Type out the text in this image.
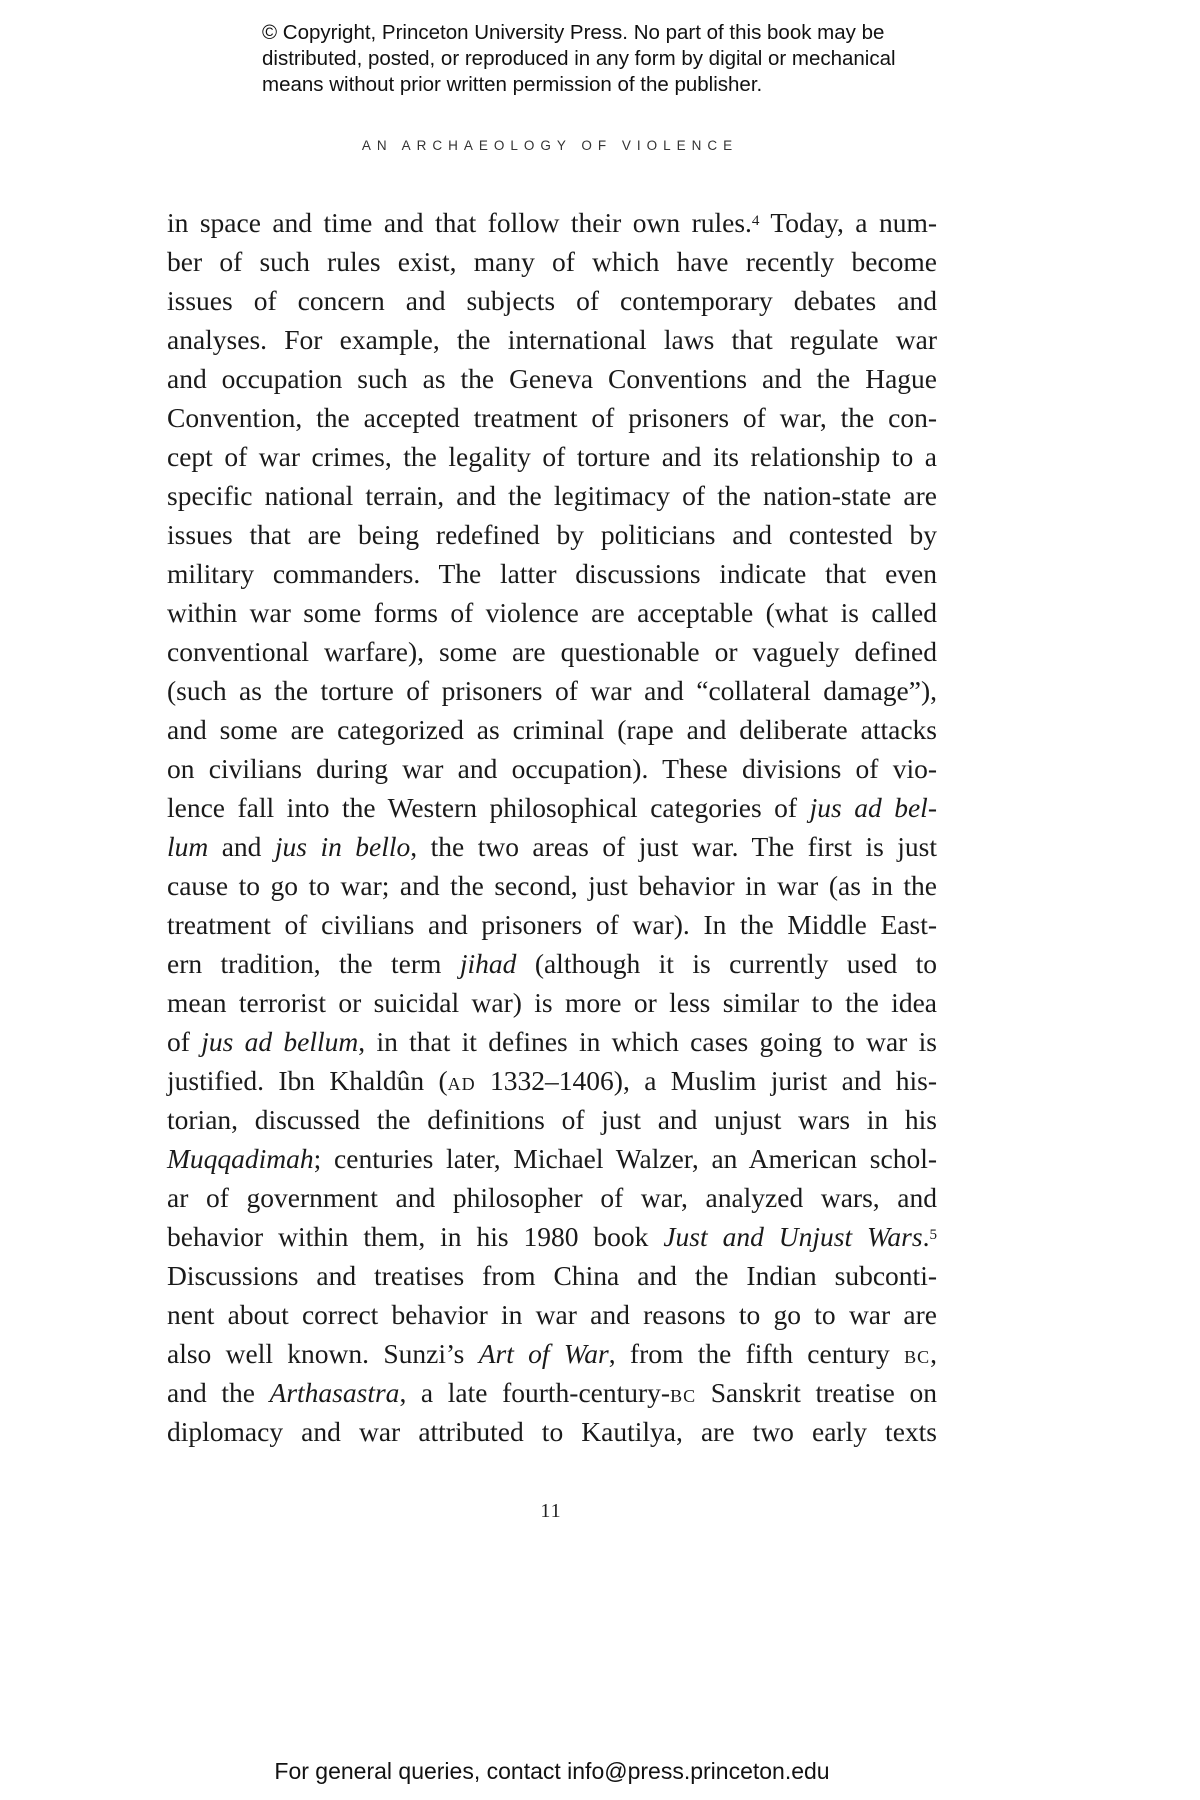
© Copyright, Princeton University Press. No part of this book may be
distributed, posted, or reproduced in any form by digital or mechanical
means without prior written permission of the publisher.
AN ARCHAEOLOGY OF VIOLENCE
in space and time and that follow their own rules.$^4$ Today, a num-
ber of such rules exist, many of which have recently become
issues of concern and subjects of contemporary debates and
analyses. For example, the international laws that regulate war
and occupation such as the Geneva Conventions and the Hague
Convention, the accepted treatment of prisoners of war, the con-
cept of war crimes, the legality of torture and its relationship to a
specific national terrain, and the legitimacy of the nation-state are
issues that are being redefined by politicians and contested by
military commanders. The latter discussions indicate that even
within war some forms of violence are acceptable (what is called
conventional warfare), some are questionable or vaguely defined
(such as the torture of prisoners of war and “collateral damage”),
and some are categorized as criminal (rape and deliberate attacks
on civilians during war and occupation). These divisions of vio-
lence fall into the Western philosophical categories of jus ad bel-
lum and jus in bello, the two areas of just war. The first is just
cause to go to war; and the second, just behavior in war (as in the
treatment of civilians and prisoners of war). In the Middle East-
ern tradition, the term jihad (although it is currently used to
mean terrorist or suicidal war) is more or less similar to the idea
of jus ad bellum, in that it defines in which cases going to war is
justified. Ibn Khaldûn (ad 1332–1406), a Muslim jurist and his-
torian, discussed the definitions of just and unjust wars in his
Muqqadimah; centuries later, Michael Walzer, an American schol-
ar of government and philosopher of war, analyzed wars, and
behavior within them, in his 1980 book Just and Unjust Wars.$^5$
Discussions and treatises from China and the Indian subconti-
nent about correct behavior in war and reasons to go to war are
also well known. Sunzi’s Art of War, from the fifth century bc,
and the Arthasastra, a late fourth-century-bc Sanskrit treatise on
diplomacy and war attributed to Kautilya, are two early texts
11
For general queries, contact info@press.princeton.edu
